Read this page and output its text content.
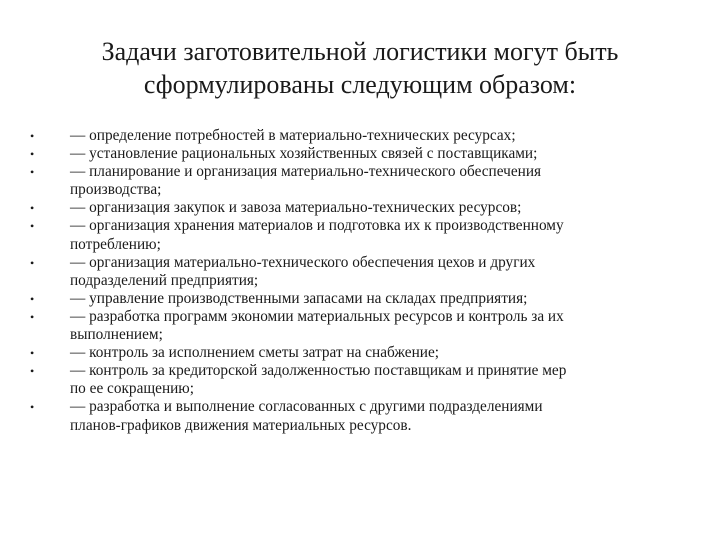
Задачи заготовительной логистики могут быть
сформулированы следующим образом:
• — определение потребностей в материально-технических ресурсах;
• — установление рациональных хозяйственных связей с поставщиками;
• — планирование и организация материально-технического обеспечения
производства;
• — организация закупок и завоза материально-технических ресурсов;
• — организация хранения материалов и подготовка их к производственному
потреблению;
• — организация материально-технического обеспечения цехов и других
подразделений предприятия;
• — управление производственными запасами на складах предприятия;
• — разработка программ экономии материальных ресурсов и контроль за их
выполнением;
• — контроль за исполнением сметы затрат на снабжение;
• — контроль за кредиторской задолженностью поставщикам и принятие мер
по ее сокращению;
• — разработка и выполнение согласованных с другими подразделениями
планов-графиков движения материальных ресурсов.
